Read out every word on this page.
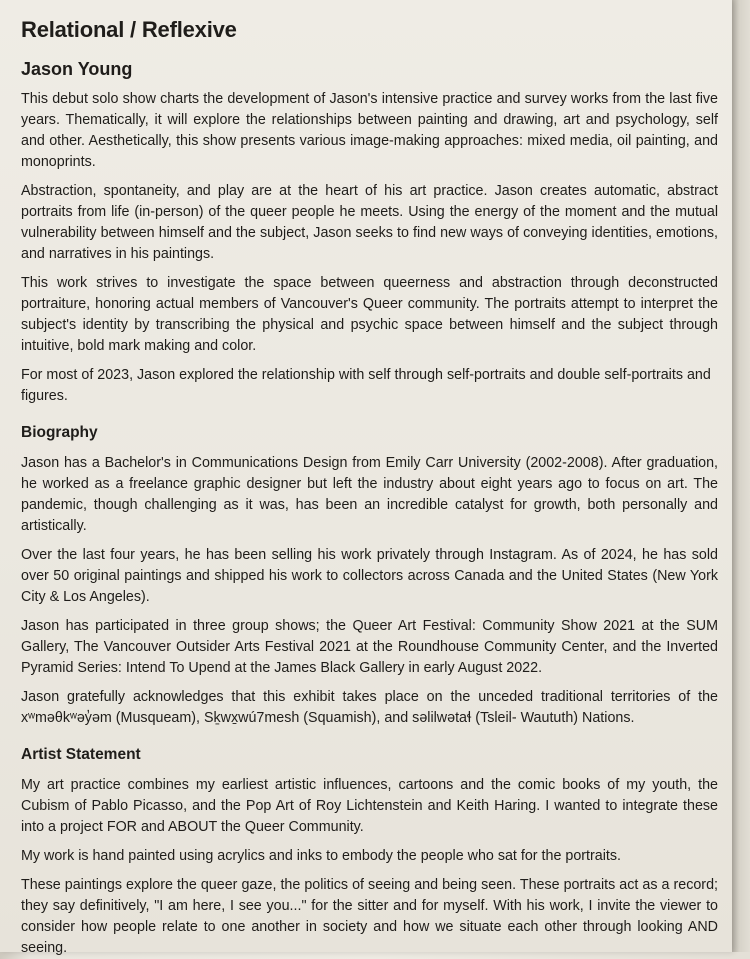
Relational / Reflexive
Jason Young

This debut solo show charts the development of Jason's intensive practice and survey works from the last five years. Thematically, it will explore the relationships between painting and drawing, art and psychology, self and other. Aesthetically, this show presents various image-making approaches: mixed media, oil painting, and monoprints.

Abstraction, spontaneity, and play are at the heart of his art practice. Jason creates automatic, abstract portraits from life (in-person) of the queer people he meets. Using the energy of the moment and the mutual vulnerability between himself and the subject, Jason seeks to find new ways of conveying identities, emotions, and narratives in his paintings.

This work strives to investigate the space between queerness and abstraction through deconstructed portraiture, honoring actual members of Vancouver's Queer community. The portraits attempt to interpret the subject's identity by transcribing the physical and psychic space between himself and the subject through intuitive, bold mark making and color.

For most of 2023, Jason explored the relationship with self through self-portraits and double self-portraits and figures.

Biography

Jason has a Bachelor's in Communications Design from Emily Carr University (2002-2008). After graduation, he worked as a freelance graphic designer but left the industry about eight years ago to focus on art. The pandemic, though challenging as it was, has been an incredible catalyst for growth, both personally and artistically.

Over the last four years, he has been selling his work privately through Instagram. As of 2024, he has sold over 50 original paintings and shipped his work to collectors across Canada and the United States (New York City & Los Angeles).

Jason has participated in three group shows; the Queer Art Festival: Community Show 2021 at the SUM Gallery, The Vancouver Outsider Arts Festival 2021 at the Roundhouse Community Center, and the Inverted Pyramid Series: Intend To Upend at the James Black Gallery in early August 2022.

Jason gratefully acknowledges that this exhibit takes place on the unceded traditional territories of the xʷməθkʷəy̓əm (Musqueam), Sḵwx̱wú7mesh (Squamish), and səlilwətaɬ (Tsleil- Waututh) Nations.

Artist Statement

My art practice combines my earliest artistic influences, cartoons and the comic books of my youth, the Cubism of Pablo Picasso, and the Pop Art of Roy Lichtenstein and Keith Haring. I wanted to integrate these into a project FOR and ABOUT the Queer Community.

My work is hand painted using acrylics and inks to embody the people who sat for the portraits.

These paintings explore the queer gaze, the politics of seeing and being seen. These portraits act as a record; they say definitively, "I am here, I see you..." for the sitter and for myself. With his work, I invite the viewer to consider how people relate to one another in society and how we situate each other through looking AND seeing.
